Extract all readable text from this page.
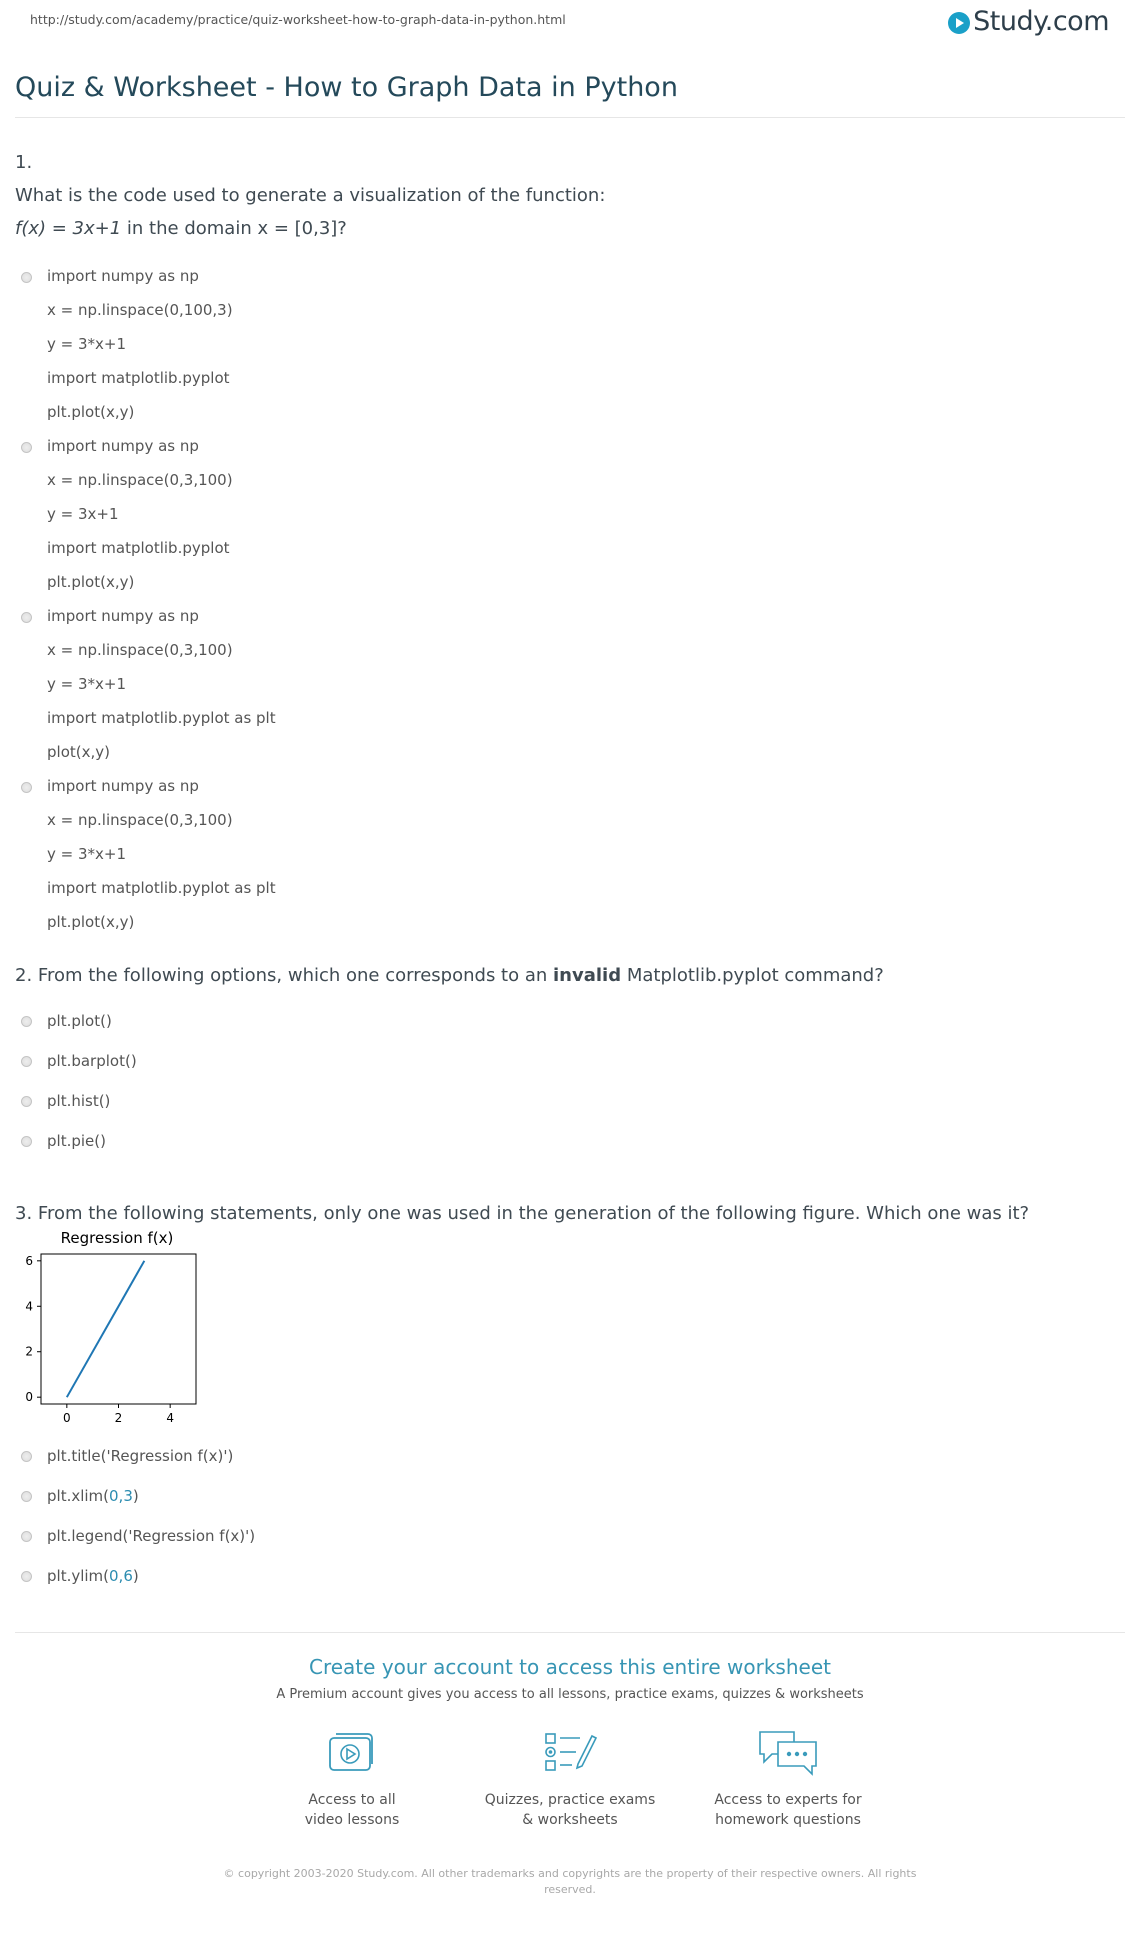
http://study.com/academy/practice/quiz-worksheet-how-to-graph-data-in-python.html	Study.com
Quiz & Worksheet - How to Graph Data in Python
1.
What is the code used to generate a visualization of the function:
f(x) = 3x+1 in the domain x = [0,3]?
import numpy as np
x = np.linspace(0,100,3)
y = 3*x+1
import matplotlib.pyplot
plt.plot(x,y)
import numpy as np
x = np.linspace(0,3,100)
y = 3x+1
import matplotlib.pyplot
plt.plot(x,y)
import numpy as np
x = np.linspace(0,3,100)
y = 3*x+1
import matplotlib.pyplot as plt
plot(x,y)
import numpy as np
x = np.linspace(0,3,100)
y = 3*x+1
import matplotlib.pyplot as plt
plt.plot(x,y)
2. From the following options, which one corresponds to an invalid Matplotlib.pyplot command?
plt.plot()
plt.barplot()
plt.hist()
plt.pie()
3. From the following statements, only one was used in the generation of the following figure. Which one was it?
Regression f(x)
0	2	4
0
2
4
6
plt.title('Regression f(x)')
plt.xlim(0,3)
plt.legend('Regression f(x)')
plt.ylim(0,6)
Create your account to access this entire worksheet
A Premium account gives you access to all lessons, practice exams, quizzes & worksheets
Access to all
video lessons
Quizzes, practice exams
& worksheets
Access to experts for
homework questions
© copyright 2003-2020 Study.com. All other trademarks and copyrights are the property of their respective owners. All rights reserved.
